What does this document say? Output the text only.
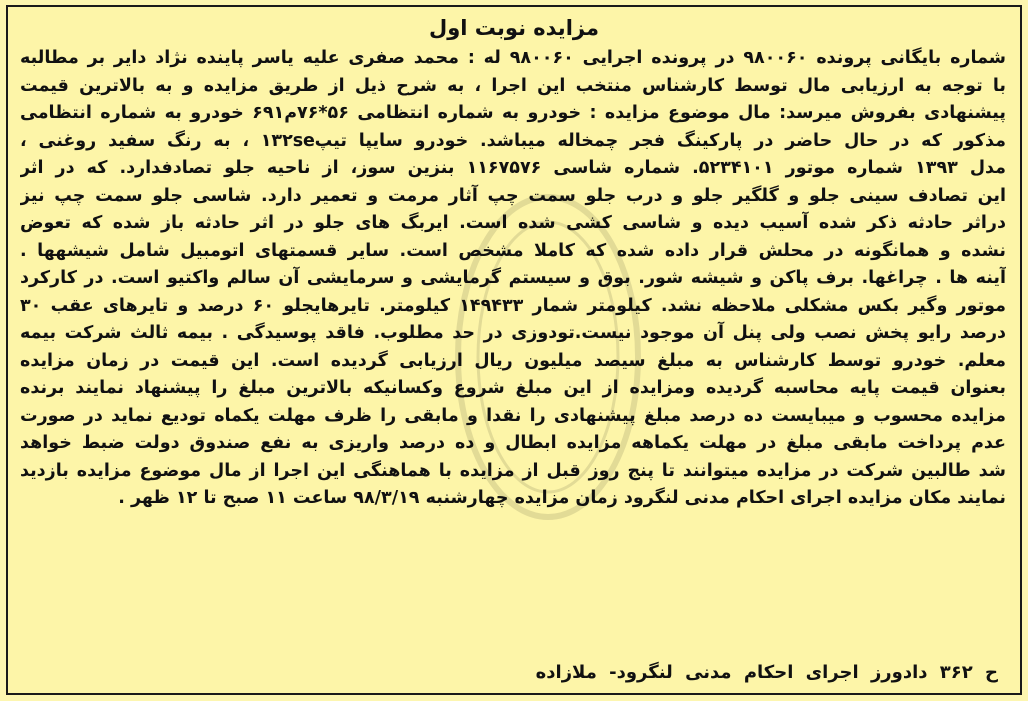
مزایده نوبت اول
شماره بایگانی پرونده ۹۸۰۰۶۰ در پرونده اجرایی ۹۸۰۰۶۰ له : محمد صفری علیه یاسر پاینده نژاد دایر بر مطالبه
با توجه به ارزیابی مال توسط کارشناس منتخب این اجرا ، به شرح ذیل از طریق مزایده و به بالاترین قیمت
پیشنهادی بفروش میرسد: مال موضوع مزایده : خودرو به شماره انتظامی ۵۶*۷۶م۶۹۱ خودرو به شماره انتظامی
مذکور که در حال حاضر در پارکینگ فجر چمخاله میباشد. خودرو سایپا تیپ۱۳۲se ، به رنگ سفید روغنی ،
مدل ۱۳۹۳ شماره موتور ۵۲۳۴۱۰۱. شماره شاسی ۱۱۶۷۵۷۶ بنزین سوز، از ناحیه جلو تصادفدارد. که در اثر
این تصادف سینی جلو و گلگیر جلو و درب جلو سمت چپ آثار مرمت و تعمیر دارد. شاسی جلو سمت چپ نیز
دراثر حادثه ذکر شده آسیب دیده و شاسی کشی شده است. ایربگ های جلو در اثر حادثه باز شده که تعوض
نشده و همانگونه در محلش قرار داده شده که کاملا مشخص است. سایر قسمتهای اتومبیل شامل شیشهها .
آینه ها . چراغها. برف پاکن و شیشه شور. بوق و سیستم گرمایشی و سرمایشی آن سالم واکتیو است. در کارکرد
موتور وگیر بکس مشکلی ملاحظه نشد. کیلومتر شمار ۱۴۹۴۳۳ کیلومتر. تایرهایجلو ۶۰ درصد و تایرهای عقب ۳۰
درصد رایو پخش نصب ولی پنل آن موجود نیست.تودوزی در حد مطلوب. فاقد پوسیدگی . بیمه ثالث شرکت بیمه
معلم. خودرو توسط کارشناس به مبلغ سیصد میلیون ریال ارزیابی گردیده است. این قیمت در زمان مزایده
بعنوان قیمت پایه محاسبه گردیده ومزایده از این مبلغ شروع وکسانیکه بالاترین مبلغ را پیشنهاد نمایند برنده
مزایده محسوب و میبایست ده درصد مبلغ پیشنهادی را نقدا و مابقی را ظرف مهلت یکماه تودیع نماید در صورت
عدم پرداخت مابقی مبلغ در مهلت یکماهه مزایده ابطال و ده درصد واریزی به نفع صندوق دولت ضبط خواهد
شد طالبین شرکت در مزایده میتوانند تا پنج روز قبل از مزایده با هماهنگی این اجرا از مال موضوع مزایده بازدید
نمایند مکان مزایده اجرای احکام مدنی لنگرود زمان مزایده چهارشنبه ۹۸/۳/۱۹ ساعت ۱۱ صبح تا ۱۲ ظهر .
ح ۳۶۲ دادورز اجرای احکام مدنی لنگرود- ملازاده
